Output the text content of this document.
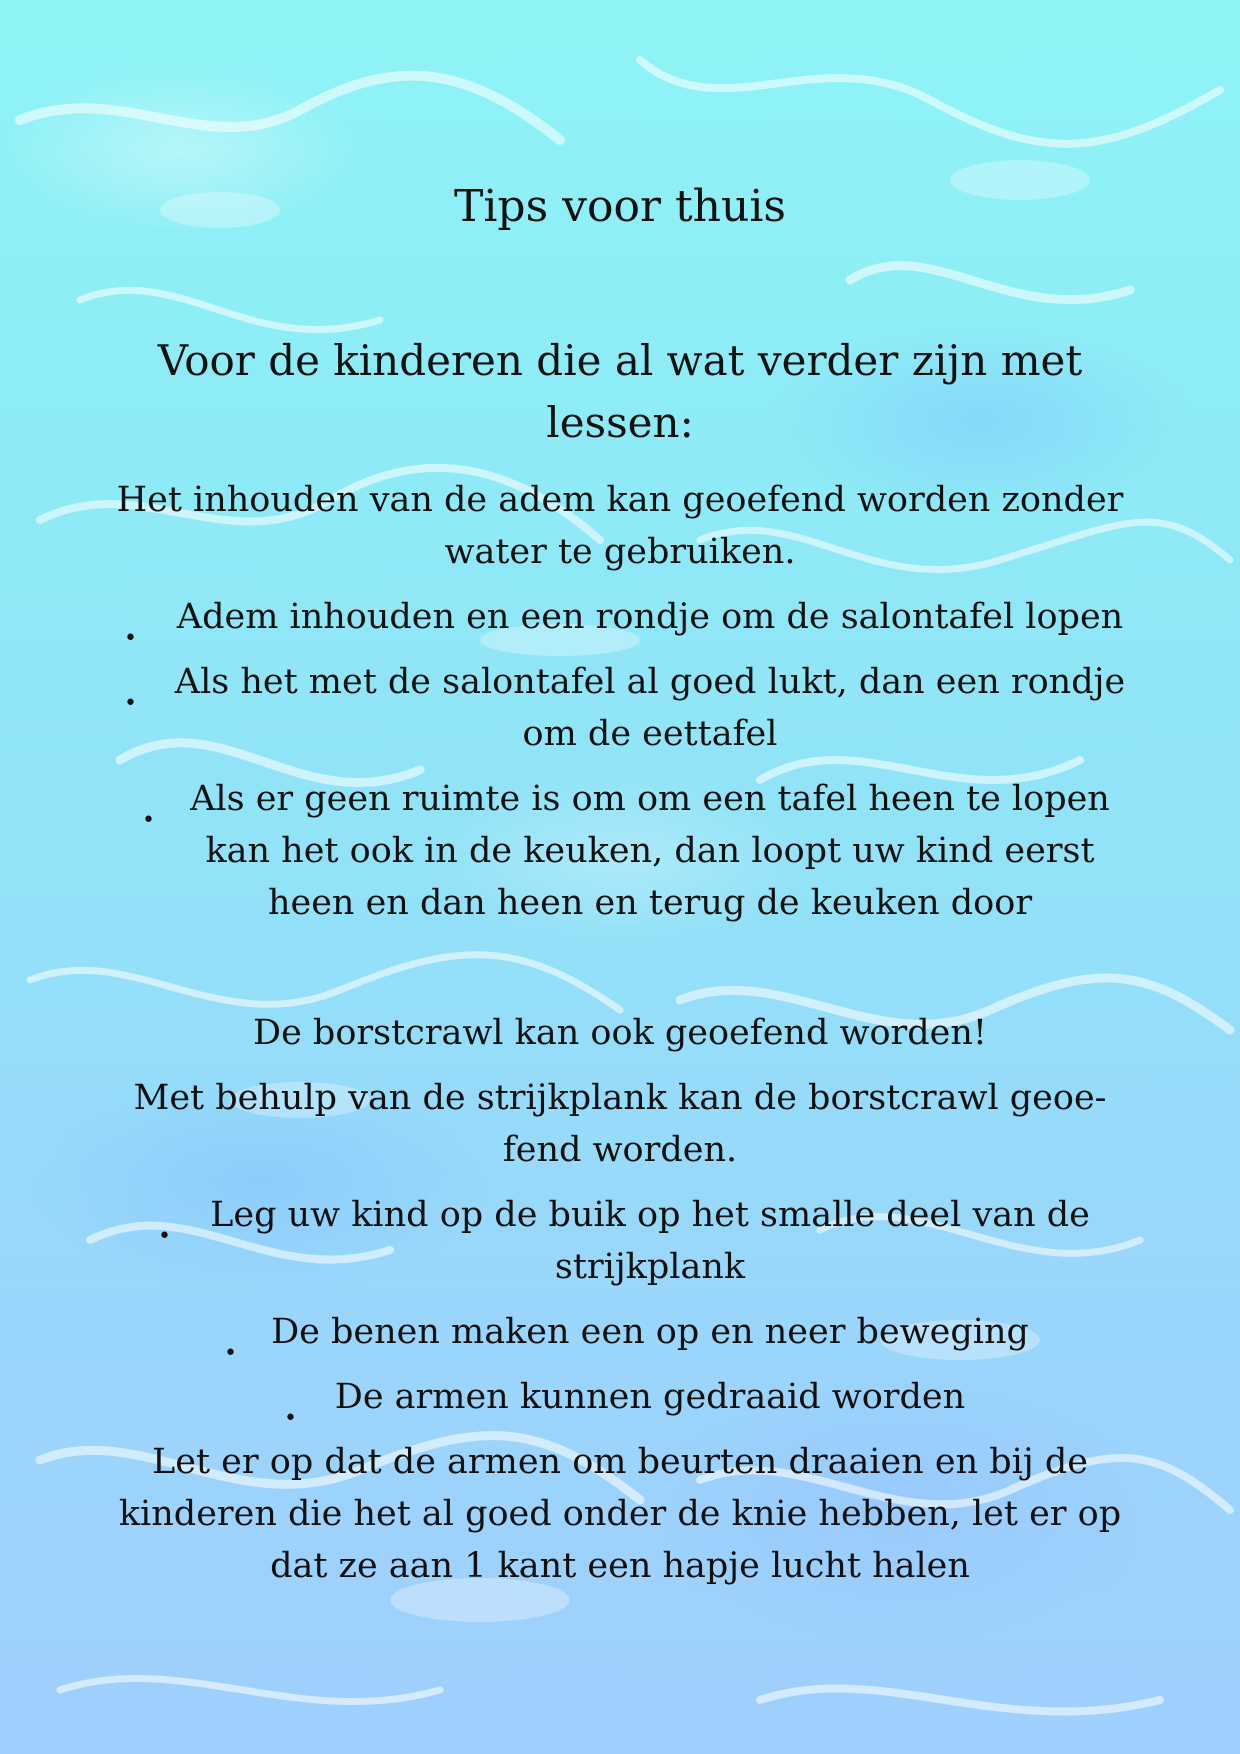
Tips voor thuis
Voor de kinderen die al wat verder zijn met
lessen:
Het inhouden van de adem kan geoefend worden zonder
water te gebruiken.
•
Adem inhouden en een rondje om de salontafel lopen
•
Als het met de salontafel al goed lukt, dan een rondje
om de eettafel
•
Als er geen ruimte is om om een tafel heen te lopen
kan het ook in de keuken, dan loopt uw kind eerst
heen en dan heen en terug de keuken door
De borstcrawl kan ook geoefend worden!
Met behulp van de strijkplank kan de borstcrawl geoe-
fend worden.
•
Leg uw kind op de buik op het smalle deel van de
strijkplank
•
De benen maken een op en neer beweging
•
De armen kunnen gedraaid worden
Let er op dat de armen om beurten draaien en bij de
kinderen die het al goed onder de knie hebben, let er op
dat ze aan 1 kant een hapje lucht halen
